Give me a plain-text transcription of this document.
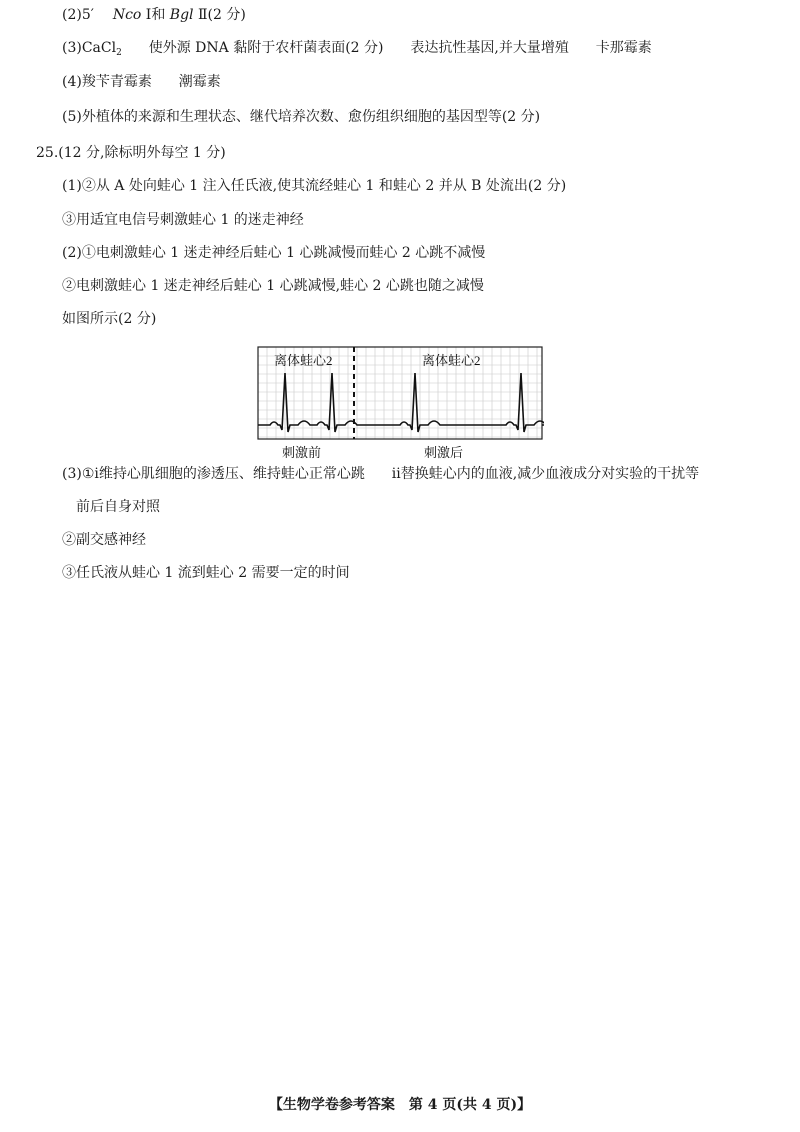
(2)5′ Nco Ⅰ和 Bgl Ⅱ(2 分)
(3)CaCl$_2$ 使外源 DNA 黏附于农杆菌表面(2 分) 表达抗性基因,并大量增殖 卡那霉素
(4)羧苄青霉素 潮霉素
(5)外植体的来源和生理状态、继代培养次数、愈伤组织细胞的基因型等(2 分)
25.(12 分,除标明外每空 1 分)
(1)②从 A 处向蛙心 1 注入任氏液,使其流经蛙心 1 和蛙心 2 并从 B 处流出(2 分)
③用适宜电信号刺激蛙心 1 的迷走神经
(2)①电刺激蛙心 1 迷走神经后蛙心 1 心跳减慢而蛙心 2 心跳不减慢
②电刺激蛙心 1 迷走神经后蛙心 1 心跳减慢,蛙心 2 心跳也随之减慢
如图所示(2 分)
离体蛙心2	离体蛙心2
刺激前	刺激后
(3)①ⅰ维持心肌细胞的渗透压、维持蛙心正常心跳 ⅱ替换蛙心内的血液,减少血液成分对实验的干扰等
前后自身对照
②副交感神经
③任氏液从蛙心 1 流到蛙心 2 需要一定的时间
【生物学卷参考答案　第 4 页(共 4 页)】
